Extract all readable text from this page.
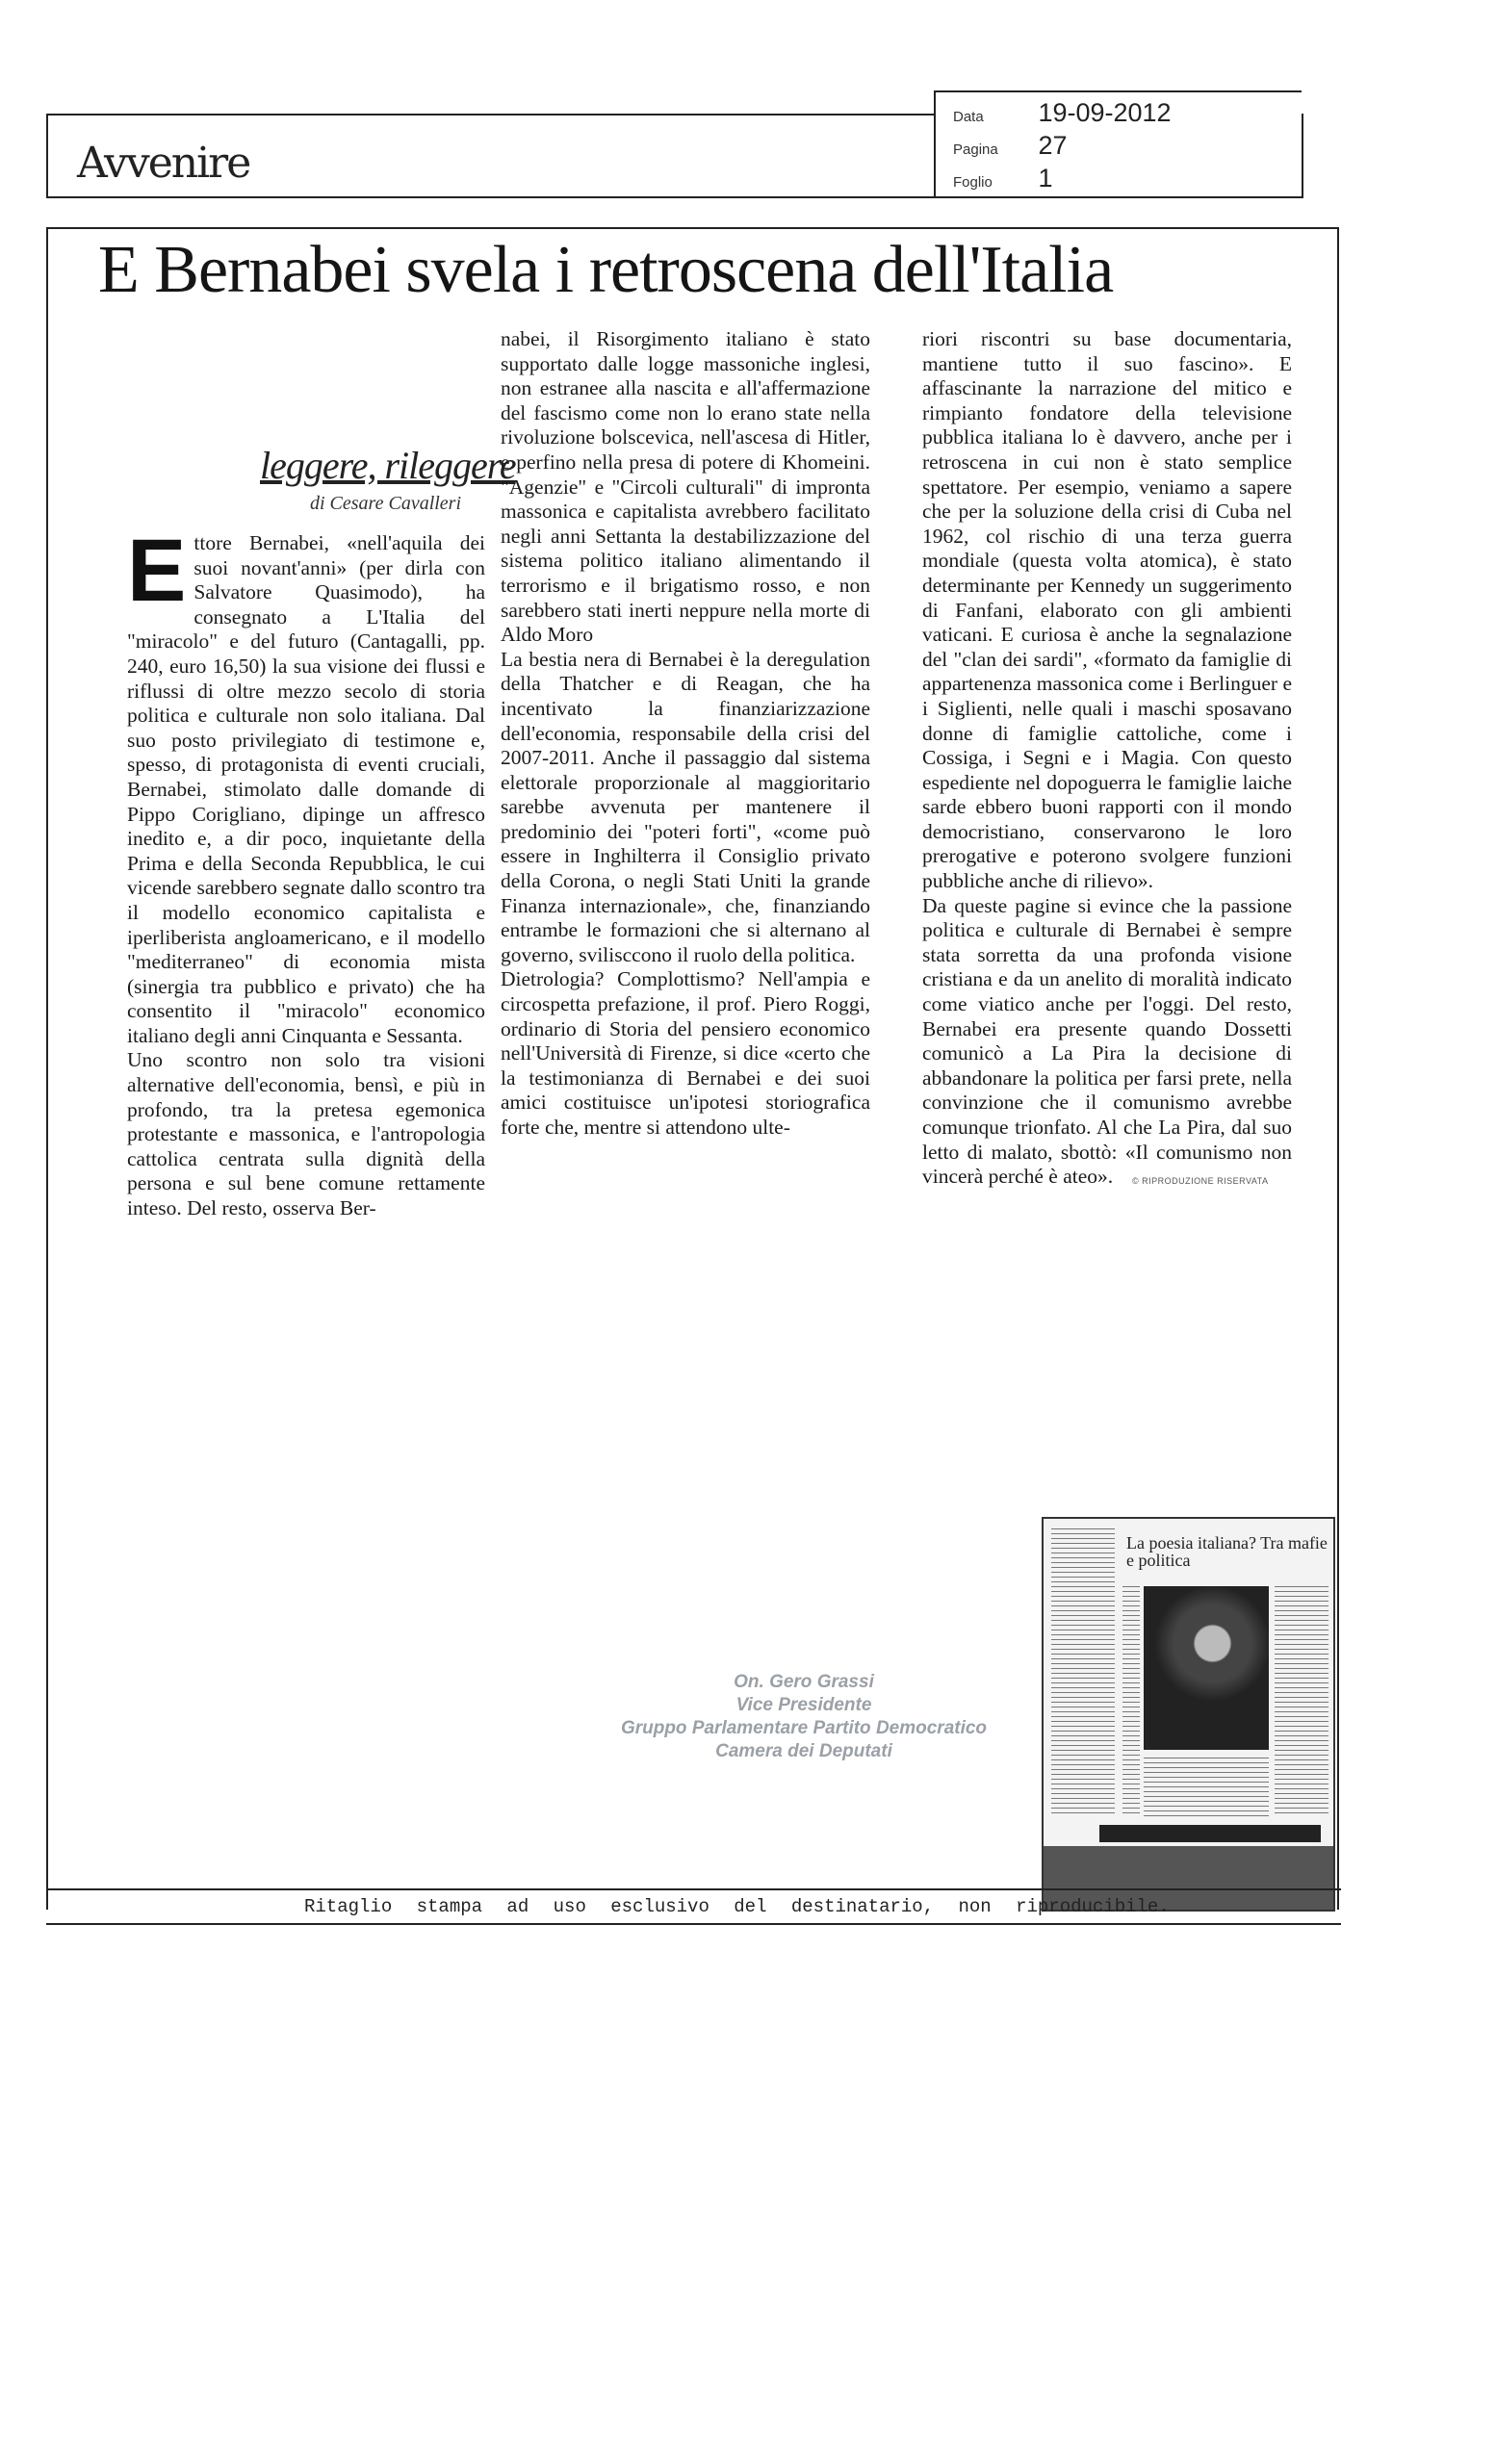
Avvenire
Data 19-09-2012
Pagina 27
Foglio 1
E Bernabei svela i retroscena dell'Italia
leggere, rileggere
di Cesare Cavalleri

Ettore Bernabei, «nell'aquila dei suoi novant'anni» (per dirla con Salvatore Quasimodo), ha consegnato a L'Italia del "miracolo" e del futuro (Cantagalli, pp. 240, euro 16,50) la sua visione dei flussi e riflussi di oltre mezzo secolo di storia politica e culturale non solo italiana. Dal suo posto privilegiato di testimone e, spesso, di protagonista di eventi cruciali, Bernabei, stimolato dalle domande di Pippo Corigliano, dipinge un affresco inedito e, a dir poco, inquietante della Prima e della Seconda Repubblica, le cui vicende sarebbero segnate dallo scontro tra il modello economico capitalista e iperliberista angloamericano, e il modello "mediterraneo" di economia mista (sinergia tra pubblico e privato) che ha consentito il "miracolo" economico italiano degli anni Cinquanta e Sessanta.

Uno scontro non solo tra visioni alternative dell'economia, bensì, e più in profondo, tra la pretesa egemonica protestante e massonica, e l'antropologia cattolica centrata sulla dignità della persona e sul bene comune rettamente inteso. Del resto, osserva Ber-

nabei, il Risorgimento italiano è stato supportato dalle logge massoniche inglesi, non estranee alla nascita e all'affermazione del fascismo come non lo erano state nella rivoluzione bolscevica, nell'ascesa di Hitler, e perfino nella presa di potere di Khomeini. "Agenzie" e "Circoli culturali" di impronta massonica e capitalista avrebbero facilitato negli anni Settanta la destabilizzazione del sistema politico italiano alimentando il terrorismo e il brigatismo rosso, e non sarebbero stati inerti neppure nella morte di Aldo Moro

La bestia nera di Bernabei è la deregulation della Thatcher e di Reagan, che ha incentivato la finanziarizzazione dell'economia, responsabile della crisi del 2007-2011. Anche il passaggio dal sistema elettorale proporzionale al maggioritario sarebbe avvenuta per mantenere il predominio dei "poteri forti", «come può essere in Inghilterra il Consiglio privato della Corona, o negli Stati Uniti la grande Finanza internazionale», che, finanziando entrambe le formazioni che si alternano al governo, svilisccono il ruolo della politica.

Dietrologia? Complottismo? Nell'ampia e circospetta prefazione, il prof. Piero Roggi, ordinario di Storia del pensiero economico nell'Università di Firenze, si dice «certo che la testimonianza di Bernabei e dei suoi amici costituisce un'ipotesi storiografica forte che, mentre si attendono ulte-

riori riscontri su base documentaria, mantiene tutto il suo fascino». E affascinante la narrazione del mitico e rimpianto fondatore della televisione pubblica italiana lo è davvero, anche per i retroscena in cui non è stato semplice spettatore. Per esempio, veniamo a sapere che per la soluzione della crisi di Cuba nel 1962, col rischio di una terza guerra mondiale (questa volta atomica), è stato determinante per Kennedy un suggerimento di Fanfani, elaborato con gli ambienti vaticani. E curiosa è anche la segnalazione del "clan dei sardi", «formato da famiglie di appartenenza massonica come i Berlinguer e i Siglienti, nelle quali i maschi sposavano donne di famiglie cattoliche, come i Cossiga, i Segni e i Magia. Con questo espediente nel dopoguerra le famiglie laiche sarde ebbero buoni rapporti con il mondo democristiano, conservarono le loro prerogative e poterono svolgere funzioni pubbliche anche di rilievo».

Da queste pagine si evince che la passione politica e culturale di Bernabei è sempre stata sorretta da una profonda visione cristiana e da un anelito di moralità indicato come viatico anche per l'oggi. Del resto, Bernabei era presente quando Dossetti comunicò a La Pira la decisione di abbandonare la politica per farsi prete, nella convinzione che il comunismo avrebbe comunque trionfato. Al che La Pira, dal suo letto di malato, sbottò: «Il comunismo non vincerà perché è ateo».	© RIPRODUZIONE RISERVATA
On. Gero Grassi
Vice Presidente
Gruppo Parlamentare Partito Democratico
Camera dei Deputati
La poesia italiana? Tra mafie e politica
Ritaglio stampa ad uso esclusivo del destinatario, non riproducibile.
